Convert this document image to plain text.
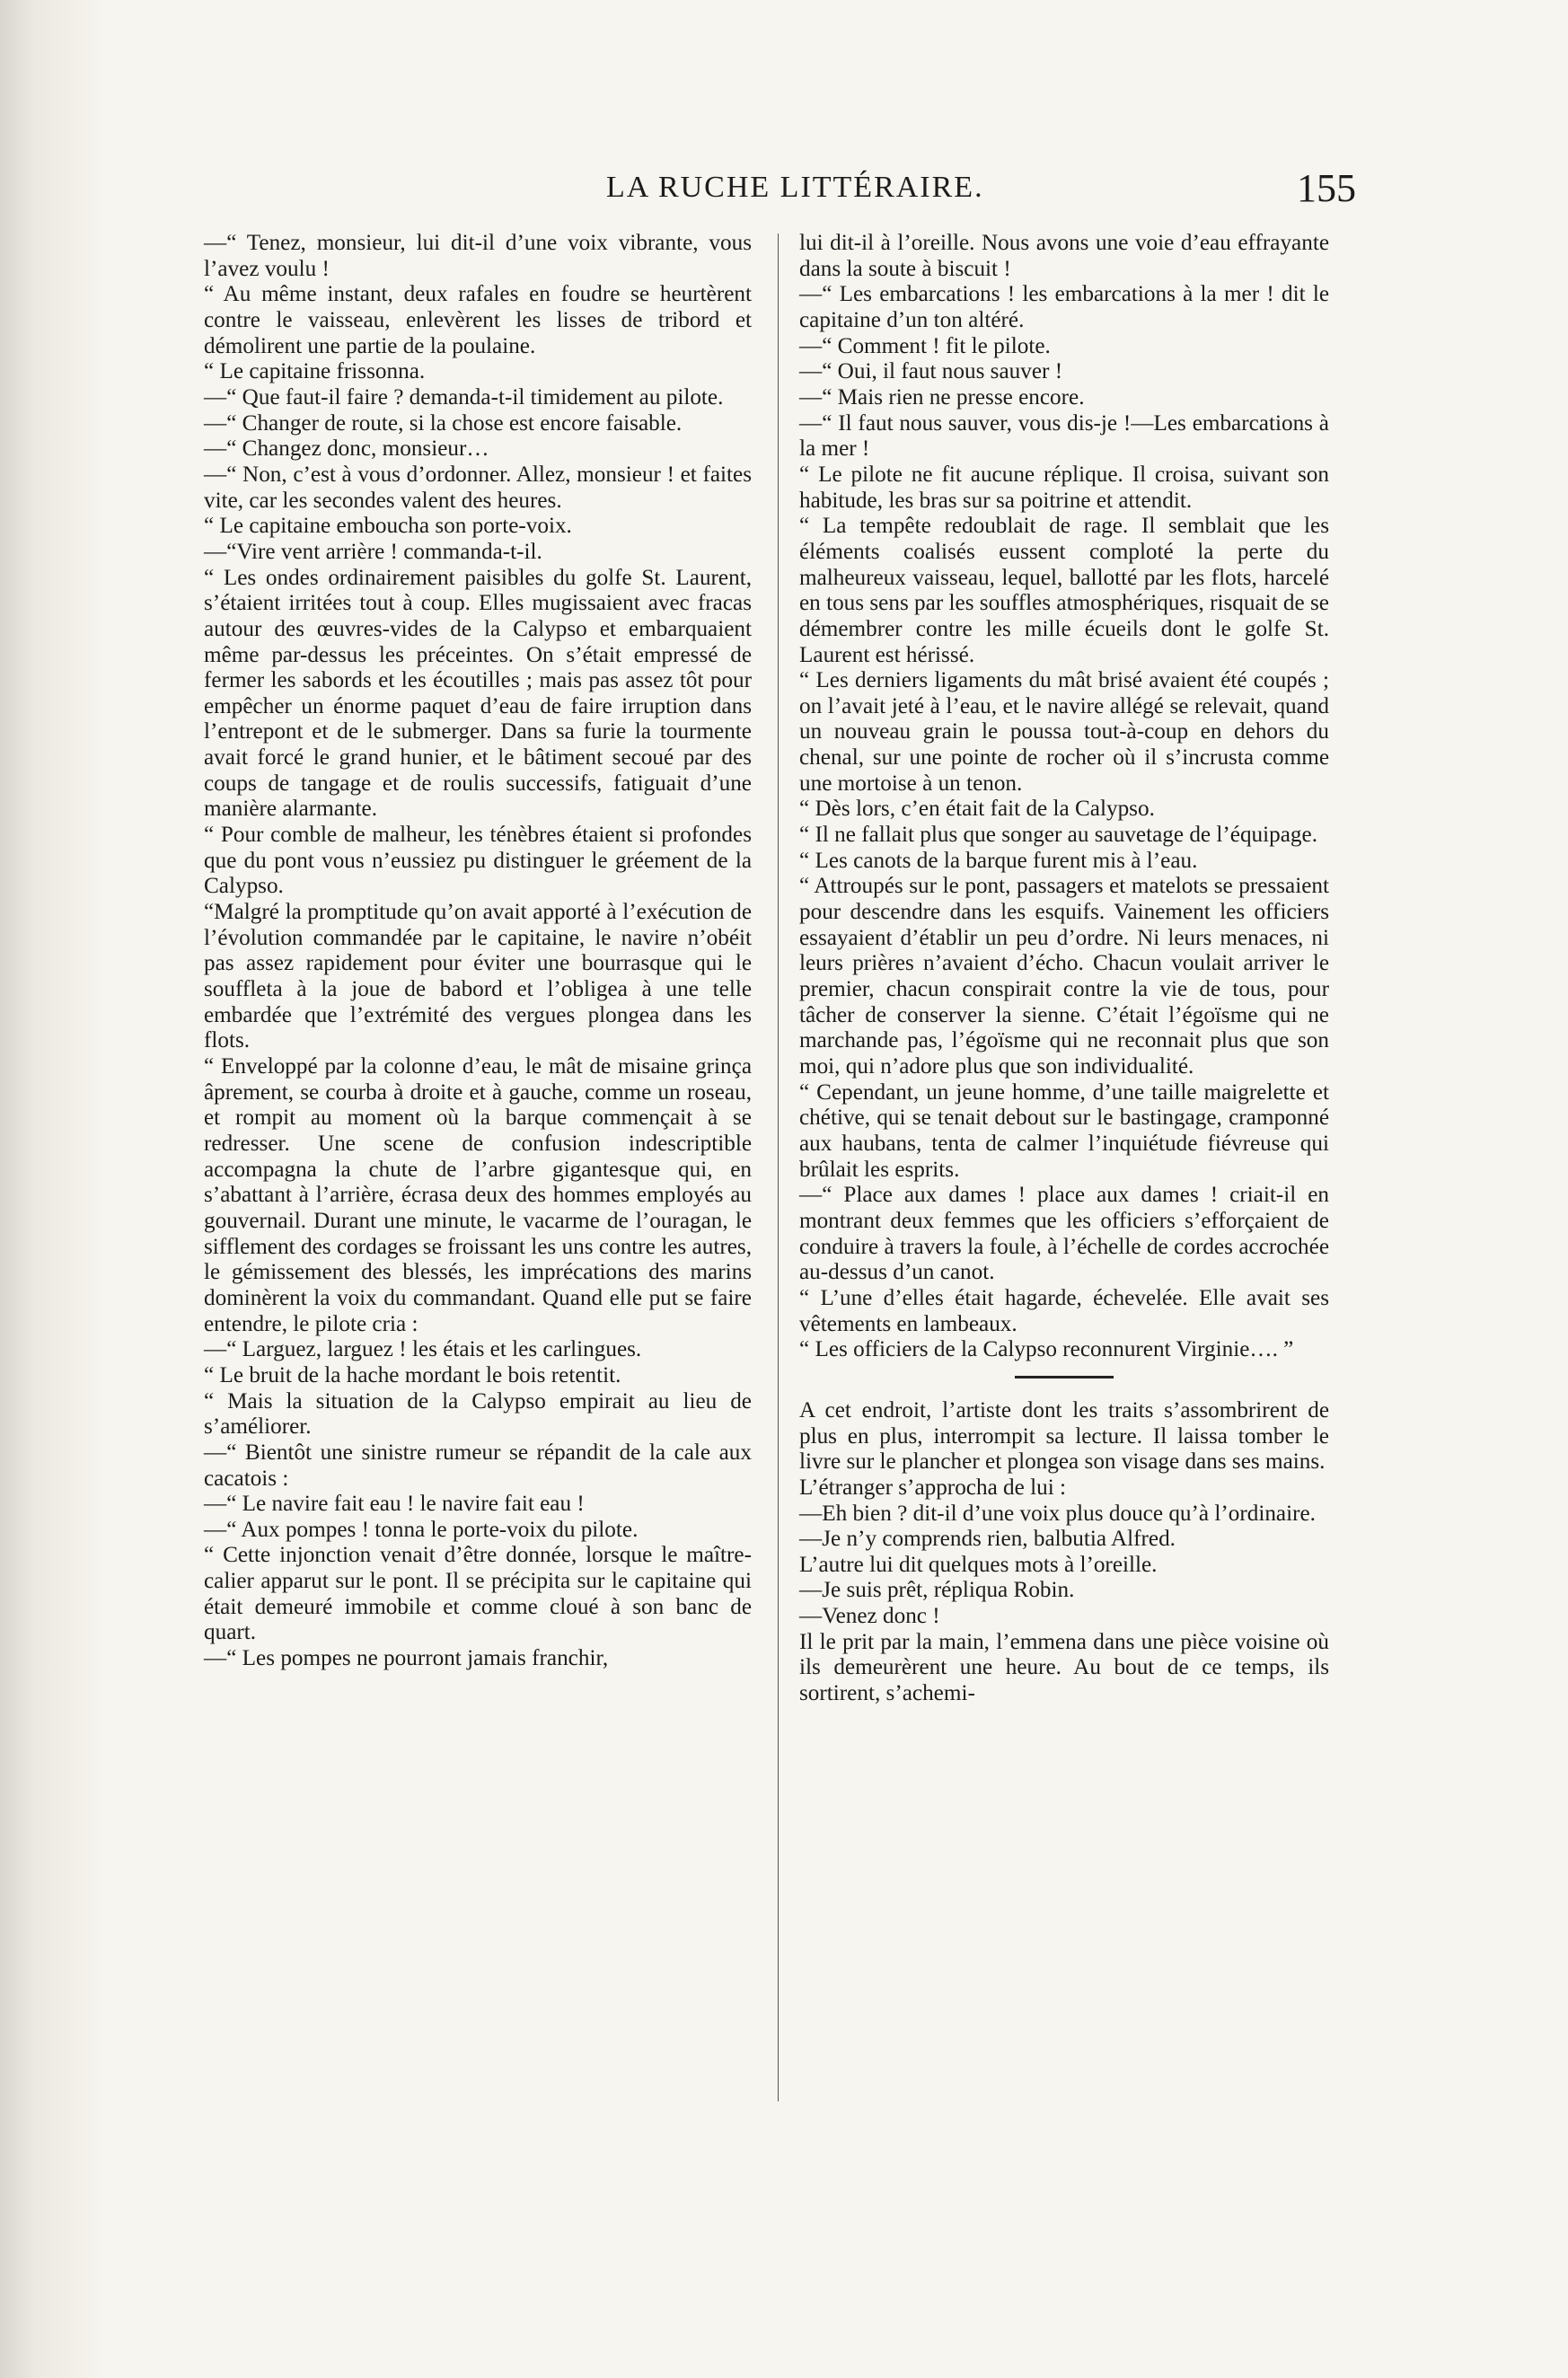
LA RUCHE LITTÉRAIRE.	155

—“ Tenez, monsieur, lui dit-il d’une voix vibrante, vous l’avez voulu !

“ Au même instant, deux rafales en foudre se heurtèrent contre le vaisseau, enlevèrent les lisses de tribord et démolirent une partie de la poulaine.

“ Le capitaine frissonna.

—“ Que faut-il faire ? demanda-t-il timidement au pilote.

—“ Changer de route, si la chose est encore faisable.

—“ Changez donc, monsieur…

—“ Non, c’est à vous d’ordonner. Allez, monsieur ! et faites vite, car les secondes valent des heures.

“ Le capitaine emboucha son porte-voix.

—“Vire vent arrière ! commanda-t-il.

“ Les ondes ordinairement paisibles du golfe St. Laurent, s’étaient irritées tout à coup. Elles mugissaient avec fracas autour des œuvres-vides de la Calypso et embarquaient même par-dessus les préceintes. On s’était empressé de fermer les sabords et les écoutilles ; mais pas assez tôt pour empêcher un énorme paquet d’eau de faire irruption dans l’entrepont et de le submerger. Dans sa furie la tourmente avait forcé le grand hunier, et le bâtiment secoué par des coups de tangage et de roulis successifs, fatiguait d’une manière alarmante.

“ Pour comble de malheur, les ténèbres étaient si profondes que du pont vous n’eussiez pu distinguer le gréement de la Calypso.

“Malgré la promptitude qu’on avait apporté à l’exécution de l’évolution commandée par le capitaine, le navire n’obéit pas assez rapidement pour éviter une bourrasque qui le souffleta à la joue de babord et l’obligea à une telle embardée que l’extrémité des vergues plongea dans les flots.

“ Enveloppé par la colonne d’eau, le mât de misaine grinça âprement, se courba à droite et à gauche, comme un roseau, et rompit au moment où la barque commençait à se redresser. Une scene de confusion indescriptible accompagna la chute de l’arbre gigantesque qui, en s’abattant à l’arrière, écrasa deux des hommes employés au gouvernail. Durant une minute, le vacarme de l’ouragan, le sifflement des cordages se froissant les uns contre les autres, le gémissement des blessés, les imprécations des marins dominèrent la voix du commandant. Quand elle put se faire entendre, le pilote cria :

—“ Larguez, larguez ! les étais et les carlingues.

“ Le bruit de la hache mordant le bois retentit.

“ Mais la situation de la Calypso empirait au lieu de s’améliorer.

—“ Bientôt une sinistre rumeur se répandit de la cale aux cacatois :

—“ Le navire fait eau ! le navire fait eau !

—“ Aux pompes ! tonna le porte-voix du pilote.

“ Cette injonction venait d’être donnée, lorsque le maître-calier apparut sur le pont. Il se précipita sur le capitaine qui était demeuré immobile et comme cloué à son banc de quart.

—“ Les pompes ne pourront jamais franchir,

lui dit-il à l’oreille. Nous avons une voie d’eau effrayante dans la soute à biscuit !

—“ Les embarcations ! les embarcations à la mer ! dit le capitaine d’un ton altéré.

—“ Comment ! fit le pilote.

—“ Oui, il faut nous sauver !

—“ Mais rien ne presse encore.

—“ Il faut nous sauver, vous dis-je !—Les embarcations à la mer !

“ Le pilote ne fit aucune réplique. Il croisa, suivant son habitude, les bras sur sa poitrine et attendit.

“ La tempête redoublait de rage. Il semblait que les éléments coalisés eussent comploté la perte du malheureux vaisseau, lequel, ballotté par les flots, harcelé en tous sens par les souffles atmosphériques, risquait de se démembrer contre les mille écueils dont le golfe St. Laurent est hérissé.

“ Les derniers ligaments du mât brisé avaient été coupés ; on l’avait jeté à l’eau, et le navire allégé se relevait, quand un nouveau grain le poussa tout-à-coup en dehors du chenal, sur une pointe de rocher où il s’incrusta comme une mortoise à un tenon.

“ Dès lors, c’en était fait de la Calypso.

“ Il ne fallait plus que songer au sauvetage de l’équipage.

“ Les canots de la barque furent mis à l’eau.

“ Attroupés sur le pont, passagers et matelots se pressaient pour descendre dans les esquifs. Vainement les officiers essayaient d’établir un peu d’ordre. Ni leurs menaces, ni leurs prières n’avaient d’écho. Chacun voulait arriver le premier, chacun conspirait contre la vie de tous, pour tâcher de conserver la sienne. C’était l’égoïsme qui ne marchande pas, l’égoïsme qui ne reconnait plus que son moi, qui n’adore plus que son individualité.

“ Cependant, un jeune homme, d’une taille maigrelette et chétive, qui se tenait debout sur le bastingage, cramponné aux haubans, tenta de calmer l’inquiétude fiévreuse qui brûlait les esprits.

—“ Place aux dames ! place aux dames ! criait-il en montrant deux femmes que les officiers s’efforçaient de conduire à travers la foule, à l’échelle de cordes accrochée au-dessus d’un canot.

“ L’une d’elles était hagarde, échevelée. Elle avait ses vêtements en lambeaux.

“ Les officiers de la Calypso reconnurent Virginie…. ”

A cet endroit, l’artiste dont les traits s’assombrirent de plus en plus, interrompit sa lecture. Il laissa tomber le livre sur le plancher et plongea son visage dans ses mains.

L’étranger s’approcha de lui :

—Eh bien ? dit-il d’une voix plus douce qu’à l’ordinaire.

—Je n’y comprends rien, balbutia Alfred.

L’autre lui dit quelques mots à l’oreille.

—Je suis prêt, répliqua Robin.

—Venez donc !

Il le prit par la main, l’emmena dans une pièce voisine où ils demeurèrent une heure. Au bout de ce temps, ils sortirent, s’achemi-
